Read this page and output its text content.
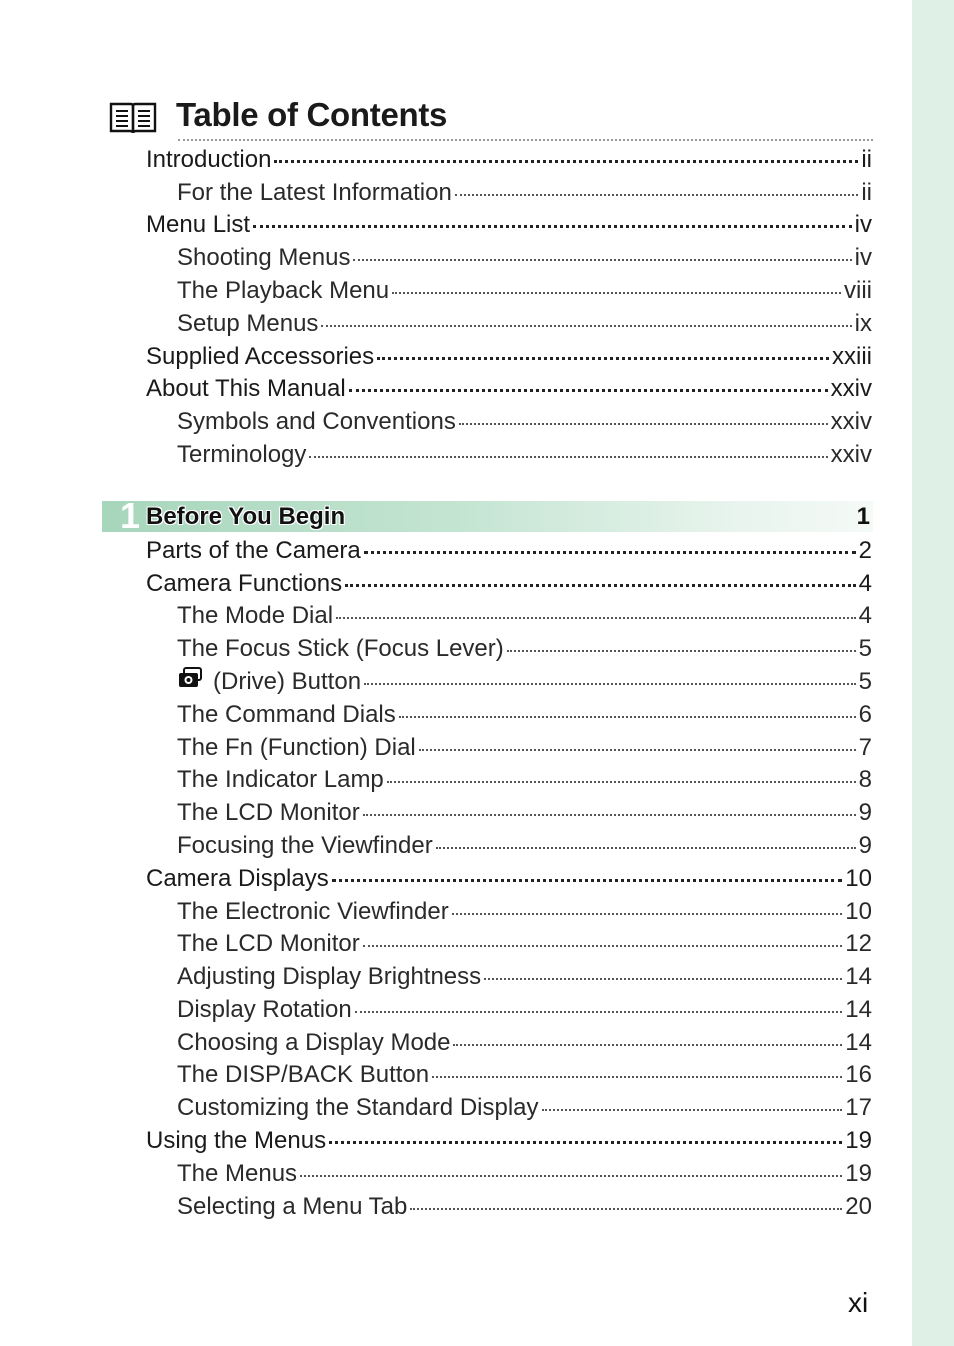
Table of Contents
Introduction	ii
For the Latest Information	ii
Menu List	iv
Shooting Menus	iv
The Playback Menu	viii
Setup Menus	ix
Supplied Accessories	xxiii
About This Manual	xxiv
Symbols and Conventions	xxiv
Terminology	xxiv
1 Before You Begin	1
Parts of the Camera	2
Camera Functions	4
The Mode Dial	4
The Focus Stick (Focus Lever)	5
(Drive) Button	5
The Command Dials	6
The Fn (Function) Dial	7
The Indicator Lamp	8
The LCD Monitor	9
Focusing the Viewfinder	9
Camera Displays	10
The Electronic Viewfinder	10
The LCD Monitor	12
Adjusting Display Brightness	14
Display Rotation	14
Choosing a Display Mode	14
The DISP/BACK Button	16
Customizing the Standard Display	17
Using the Menus	19
The Menus	19
Selecting a Menu Tab	20
xi
